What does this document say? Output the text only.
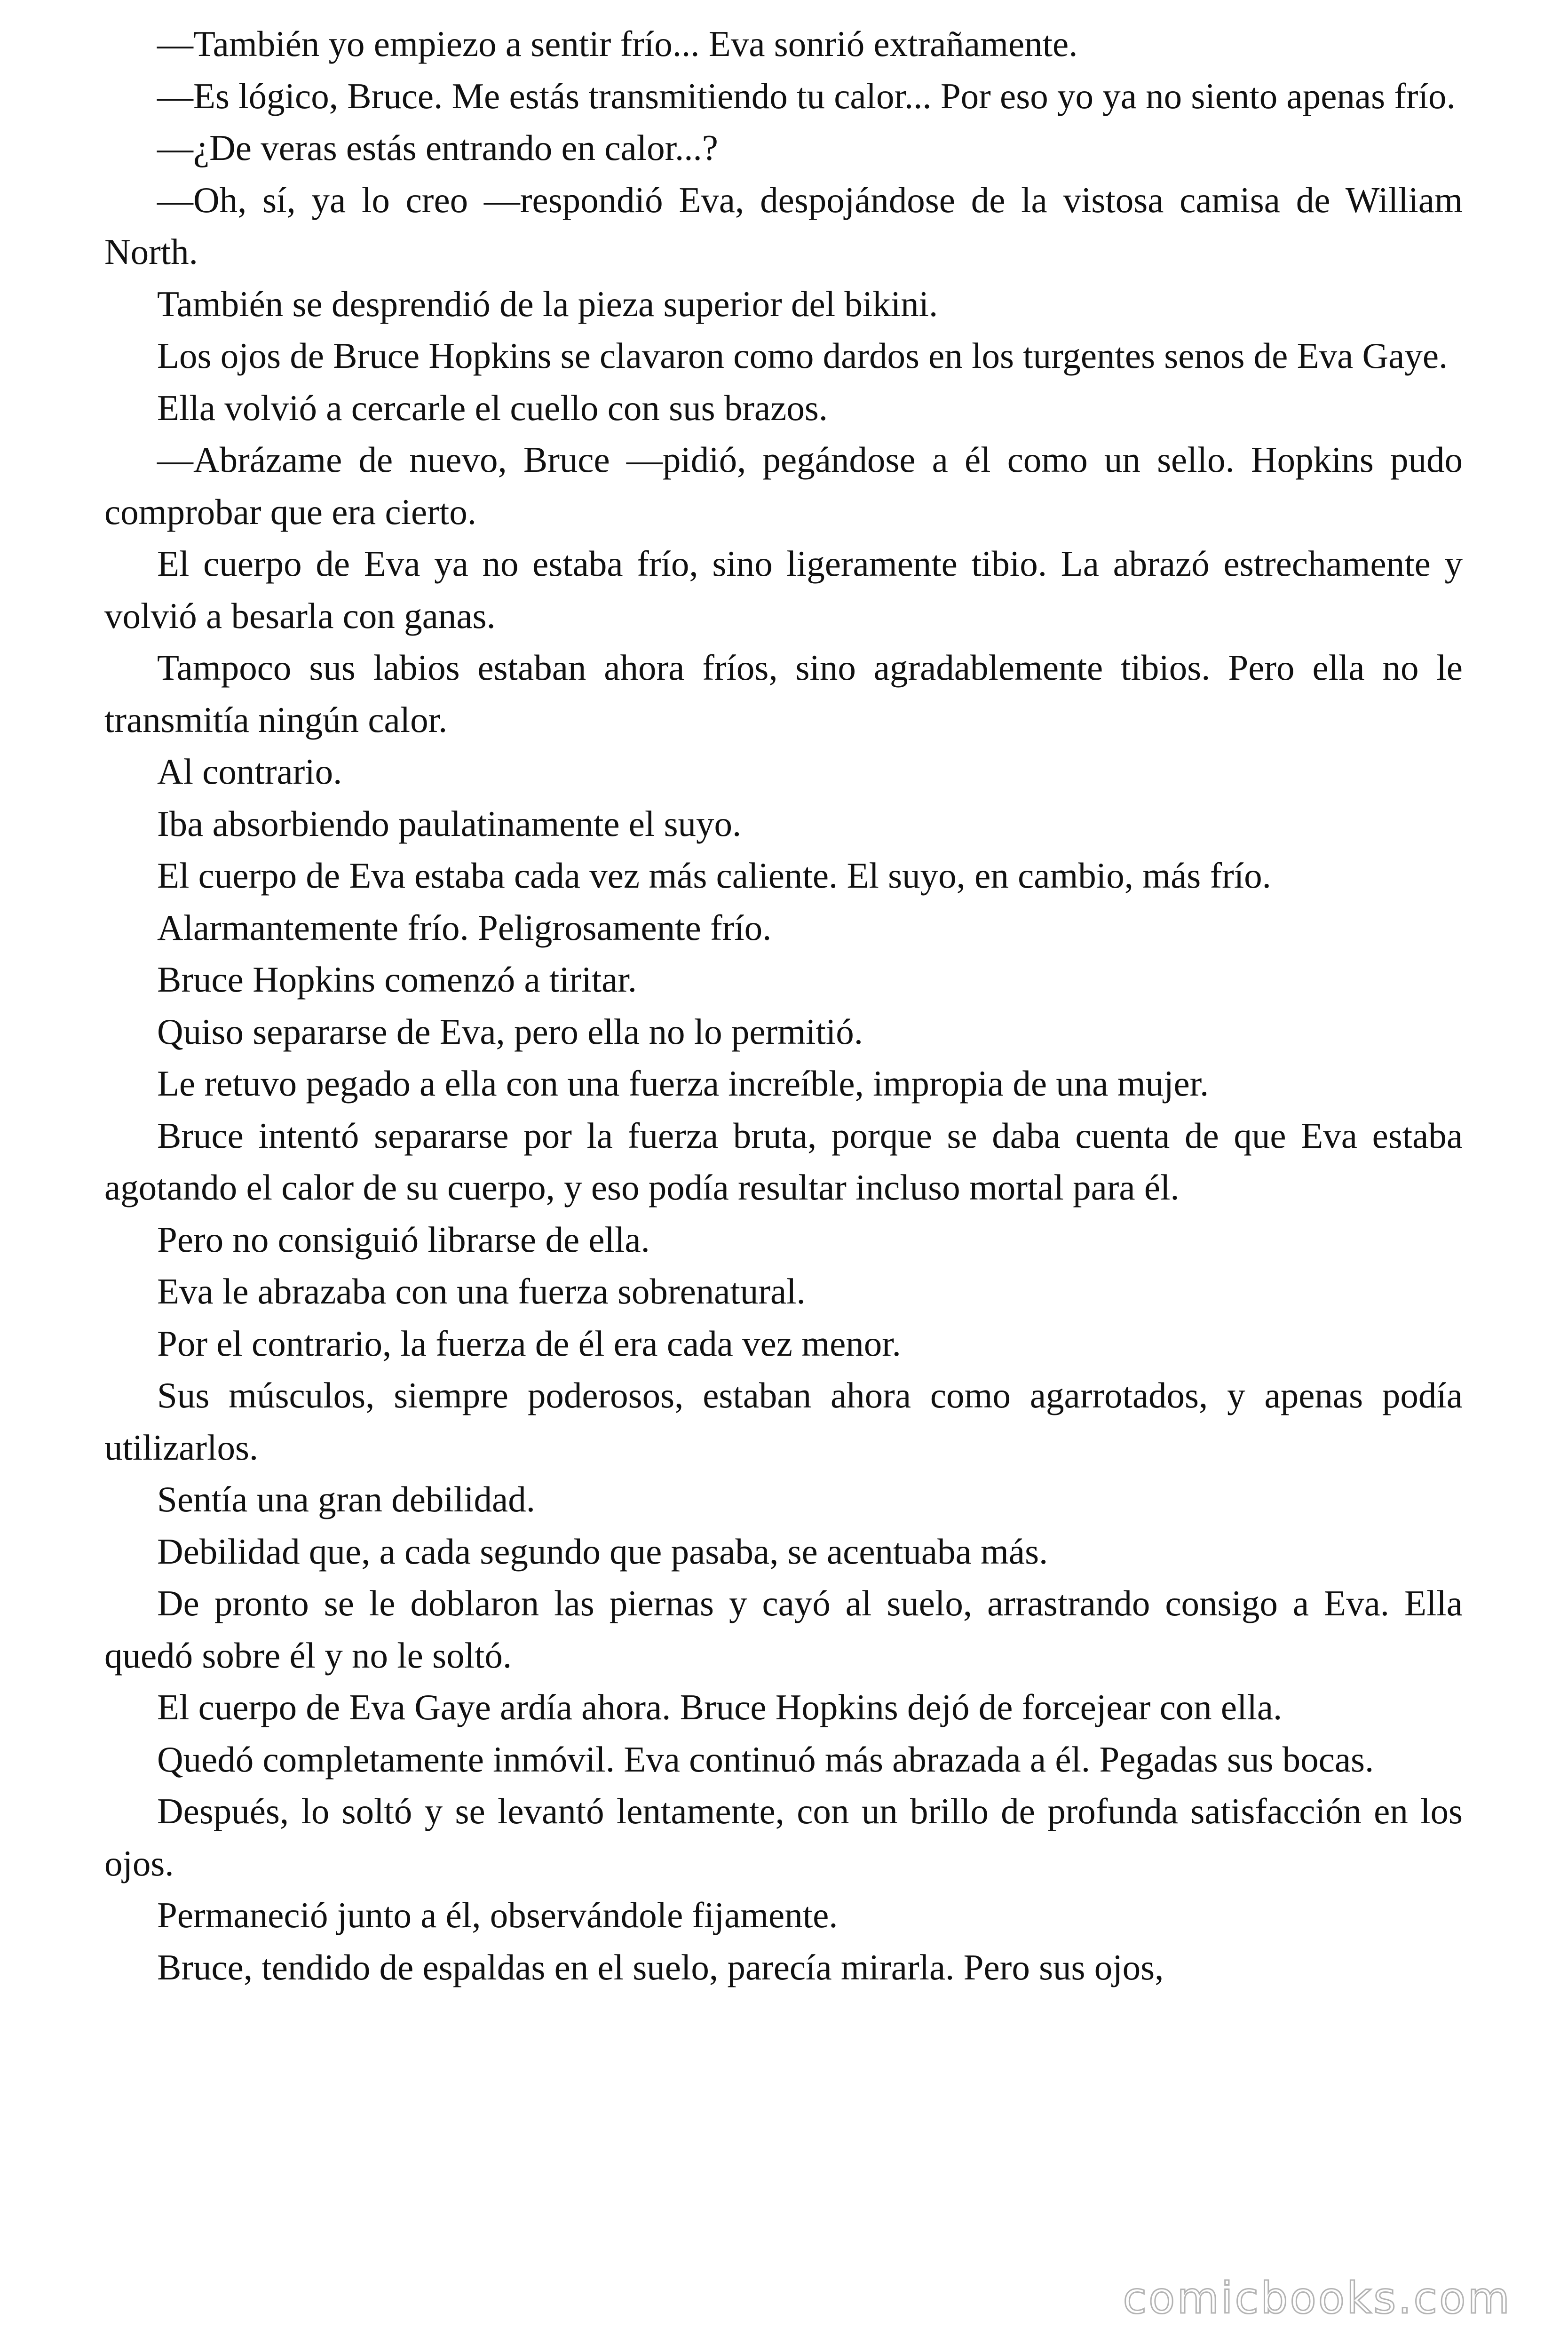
—También yo empiezo a sentir frío... Eva sonrió extrañamente.

—Es lógico, Bruce. Me estás transmitiendo tu calor... Por eso yo ya no siento apenas frío.

—¿De veras estás entrando en calor...?

—Oh, sí, ya lo creo —respondió Eva, despojándose de la vistosa camisa de William North.

También se desprendió de la pieza superior del bikini.

Los ojos de Bruce Hopkins se clavaron como dardos en los turgentes senos de Eva Gaye.

Ella volvió a cercarle el cuello con sus brazos.

—Abrázame de nuevo, Bruce —pidió, pegándose a él como un sello. Hopkins pudo comprobar que era cierto.

El cuerpo de Eva ya no estaba frío, sino ligeramente tibio. La abrazó estrechamente y volvió a besarla con ganas.

Tampoco sus labios estaban ahora fríos, sino agradablemente tibios. Pero ella no le transmitía ningún calor.

Al contrario.

Iba absorbiendo paulatinamente el suyo.

El cuerpo de Eva estaba cada vez más caliente. El suyo, en cambio, más frío.

Alarmantemente frío. Peligrosamente frío.

Bruce Hopkins comenzó a tiritar.

Quiso separarse de Eva, pero ella no lo permitió.

Le retuvo pegado a ella con una fuerza increíble, impropia de una mujer.

Bruce intentó separarse por la fuerza bruta, porque se daba cuenta de que Eva estaba agotando el calor de su cuerpo, y eso podía resultar incluso mortal para él.

Pero no consiguió librarse de ella.

Eva le abrazaba con una fuerza sobrenatural.

Por el contrario, la fuerza de él era cada vez menor.

Sus músculos, siempre poderosos, estaban ahora como agarrotados, y apenas podía utilizarlos.

Sentía una gran debilidad.

Debilidad que, a cada segundo que pasaba, se acentuaba más.

De pronto se le doblaron las piernas y cayó al suelo, arrastrando consigo a Eva. Ella quedó sobre él y no le soltó.

El cuerpo de Eva Gaye ardía ahora. Bruce Hopkins dejó de forcejear con ella.

Quedó completamente inmóvil. Eva continuó más abrazada a él. Pegadas sus bocas.

Después, lo soltó y se levantó lentamente, con un brillo de profunda satisfacción en los ojos.

Permaneció junto a él, observándole fijamente.

Bruce, tendido de espaldas en el suelo, parecía mirarla. Pero sus ojos,

comicbooks.com
